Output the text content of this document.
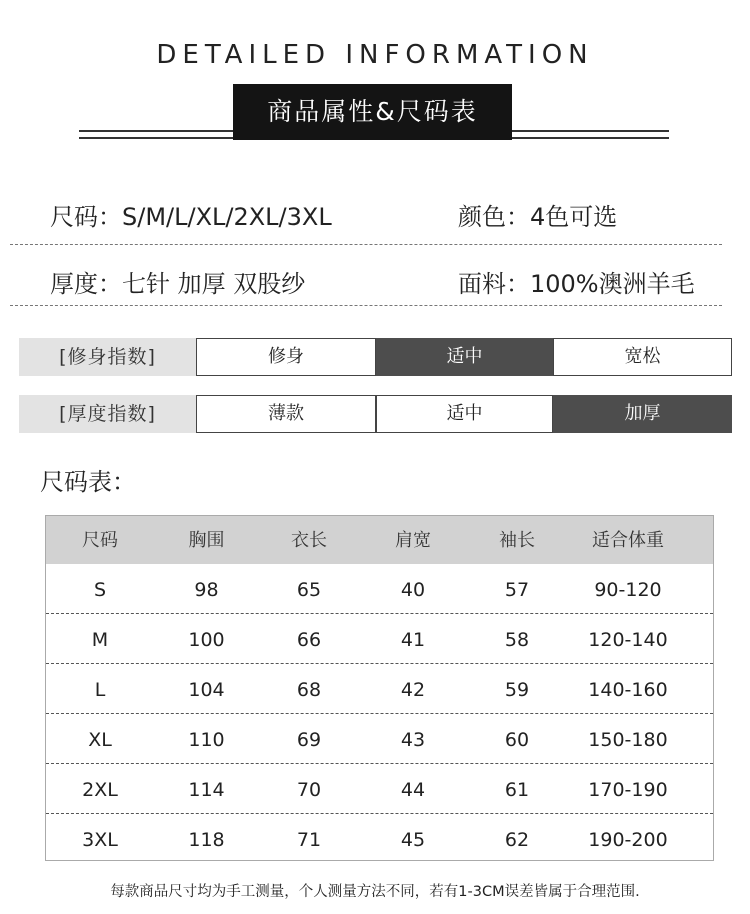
DETAILED INFORMATION
商品属性&尺码表
尺码：S/M/L/XL/2XL/3XL	颜色：4色可选
厚度：七针 加厚 双股纱	面料：100%澳洲羊毛
[修身指数]	修身	适中	宽松
[厚度指数]	薄款	适中	加厚
尺码表：
尺码	胸围	衣长	肩宽	袖长	适合体重
S	98	65	40	57	90-120
M	100	66	41	58	120-140
L	104	68	42	59	140-160
XL	110	69	43	60	150-180
2XL	114	70	44	61	170-190
3XL	118	71	45	62	190-200
每款商品尺寸均为手工测量，个人测量方法不同，若有1-3CM误差皆属于合理范围.
